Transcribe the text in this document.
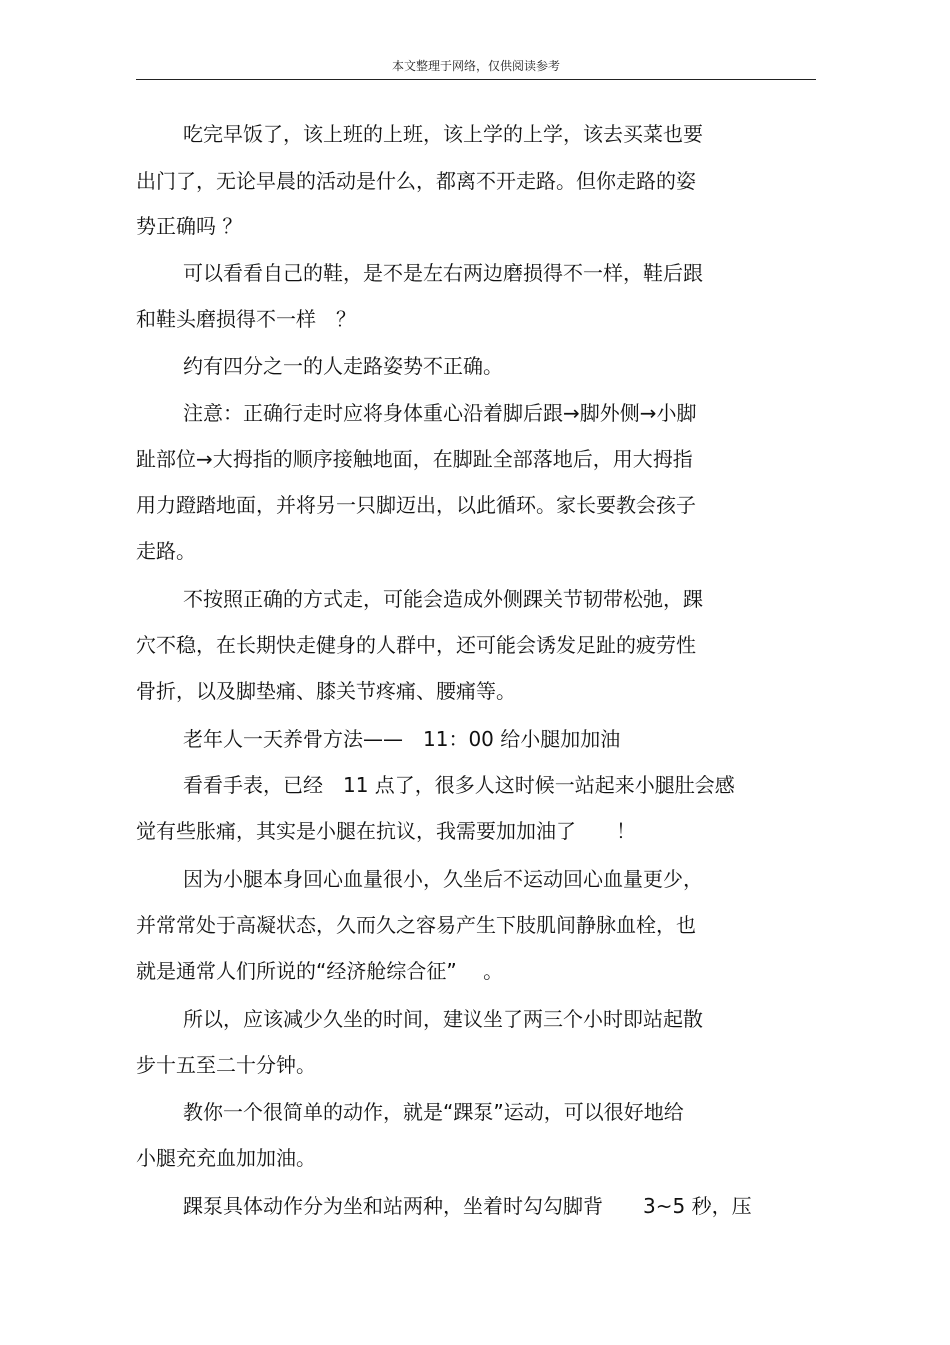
本文整理于网络，仅供阅读参考
吃完早饭了，该上班的上班，该上学的上学，该去买菜也要
出门了，无论早晨的活动是什么，都离不开走路。但你走路的姿
势正确吗 ？
可以看看自己的鞋，是不是左右两边磨损得不一样，鞋后跟
和鞋头磨损得不一样　？
约有四分之一的人走路姿势不正确。
注意：正确行走时应将身体重心沿着脚后跟→脚外侧→小脚
趾部位→大拇指的顺序接触地面，在脚趾全部落地后，用大拇指
用力蹬踏地面，并将另一只脚迈出，以此循环。家长要教会孩子
走路。
不按照正确的方式走，可能会造成外侧踝关节韧带松弛，踝
穴不稳，在长期快走健身的人群中，还可能会诱发足趾的疲劳性
骨折，以及脚垫痛、膝关节疼痛、腰痛等。
老年人一天养骨方法——　11：00 给小腿加加油
看看手表，已经　11 点了，很多人这时候一站起来小腿肚会感
觉有些胀痛，其实是小腿在抗议，我需要加加油了　　！
因为小腿本身回心血量很小，久坐后不运动回心血量更少，
并常常处于高凝状态，久而久之容易产生下肢肌间静脉血栓，也
就是通常人们所说的“经济舱综合征”　 。
所以，应该减少久坐的时间，建议坐了两三个小时即站起散
步十五至二十分钟。
教你一个很简单的动作，就是“踝泵”运动，可以很好地给
小腿充充血加加油。
踝泵具体动作分为坐和站两种，坐着时勾勾脚背　　3~5 秒，压
